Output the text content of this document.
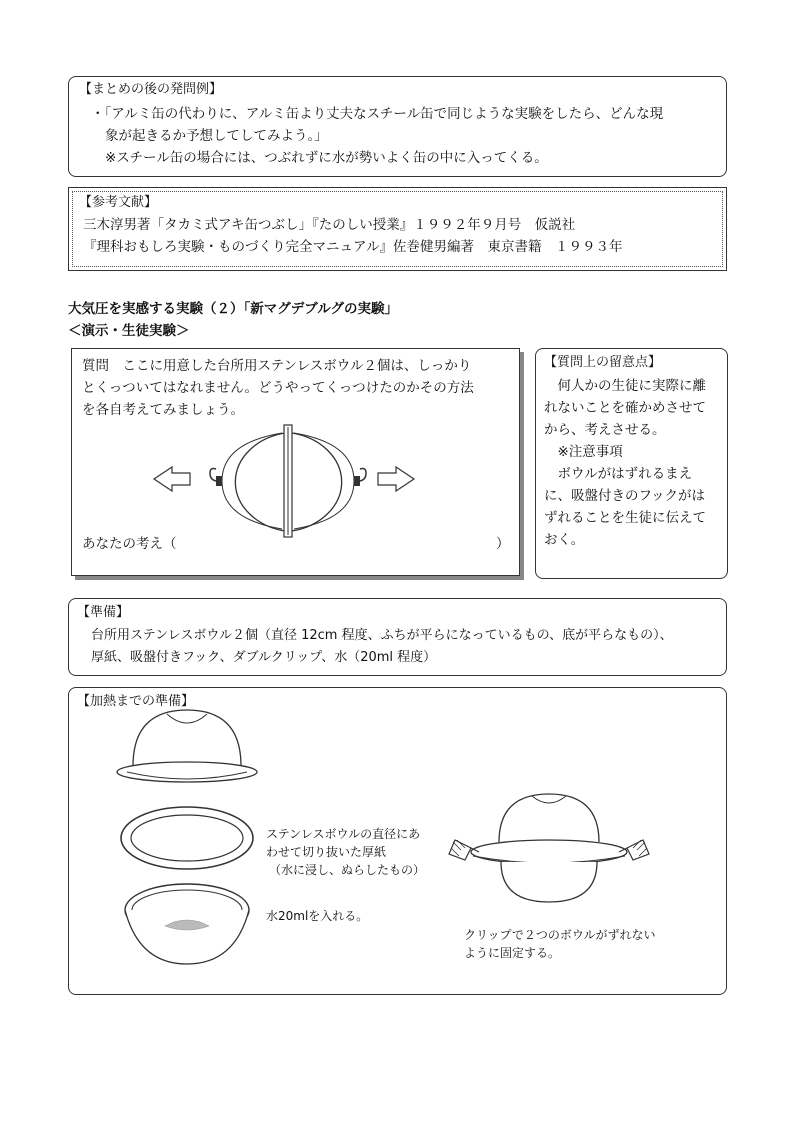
【まとめの後の発問例】
・「アルミ缶の代わりに、アルミ缶より丈夫なスチール缶で同じような実験をしたら、どんな現
象が起きるか予想してしてみよう。」
※スチール缶の場合には、つぶれずに水が勢いよく缶の中に入ってくる。
【参考文献】
三木淳男著「タカミ式アキ缶つぶし」『たのしい授業』１９９２年９月号　仮説社
『理科おもしろ実験・ものづくり完全マニュアル』佐巻健男編著　東京書籍　１９９３年
大気圧を実感する実験（２）「新マグデブルグの実験」
＜演示・生徒実験＞
質問　ここに用意した台所用ステンレスボウル２個は、しっかり
とくっついてはなれません。どうやってくっつけたのかその方法
を各自考えてみましょう。
あなたの考え（	）
【質問上の留意点】
　何人かの生徒に実際に離
れないことを確かめさせて
から、考えさせる。
　※注意事項
　ボウルがはずれるまえ
に、吸盤付きのフックがは
ずれることを生徒に伝えて
おく。
【準備】
台所用ステンレスボウル２個（直径 12cm 程度、ふちが平らになっているもの、底が平らなもの）、
厚紙、吸盤付きフック、ダブルクリップ、水（20ml 程度）
【加熱までの準備】
ステンレスボウルの直径にあ
わせて切り抜いた厚紙
（水に浸し、ぬらしたもの）
水20mlを入れる。
クリップで２つのボウルがずれない
ように固定する。
